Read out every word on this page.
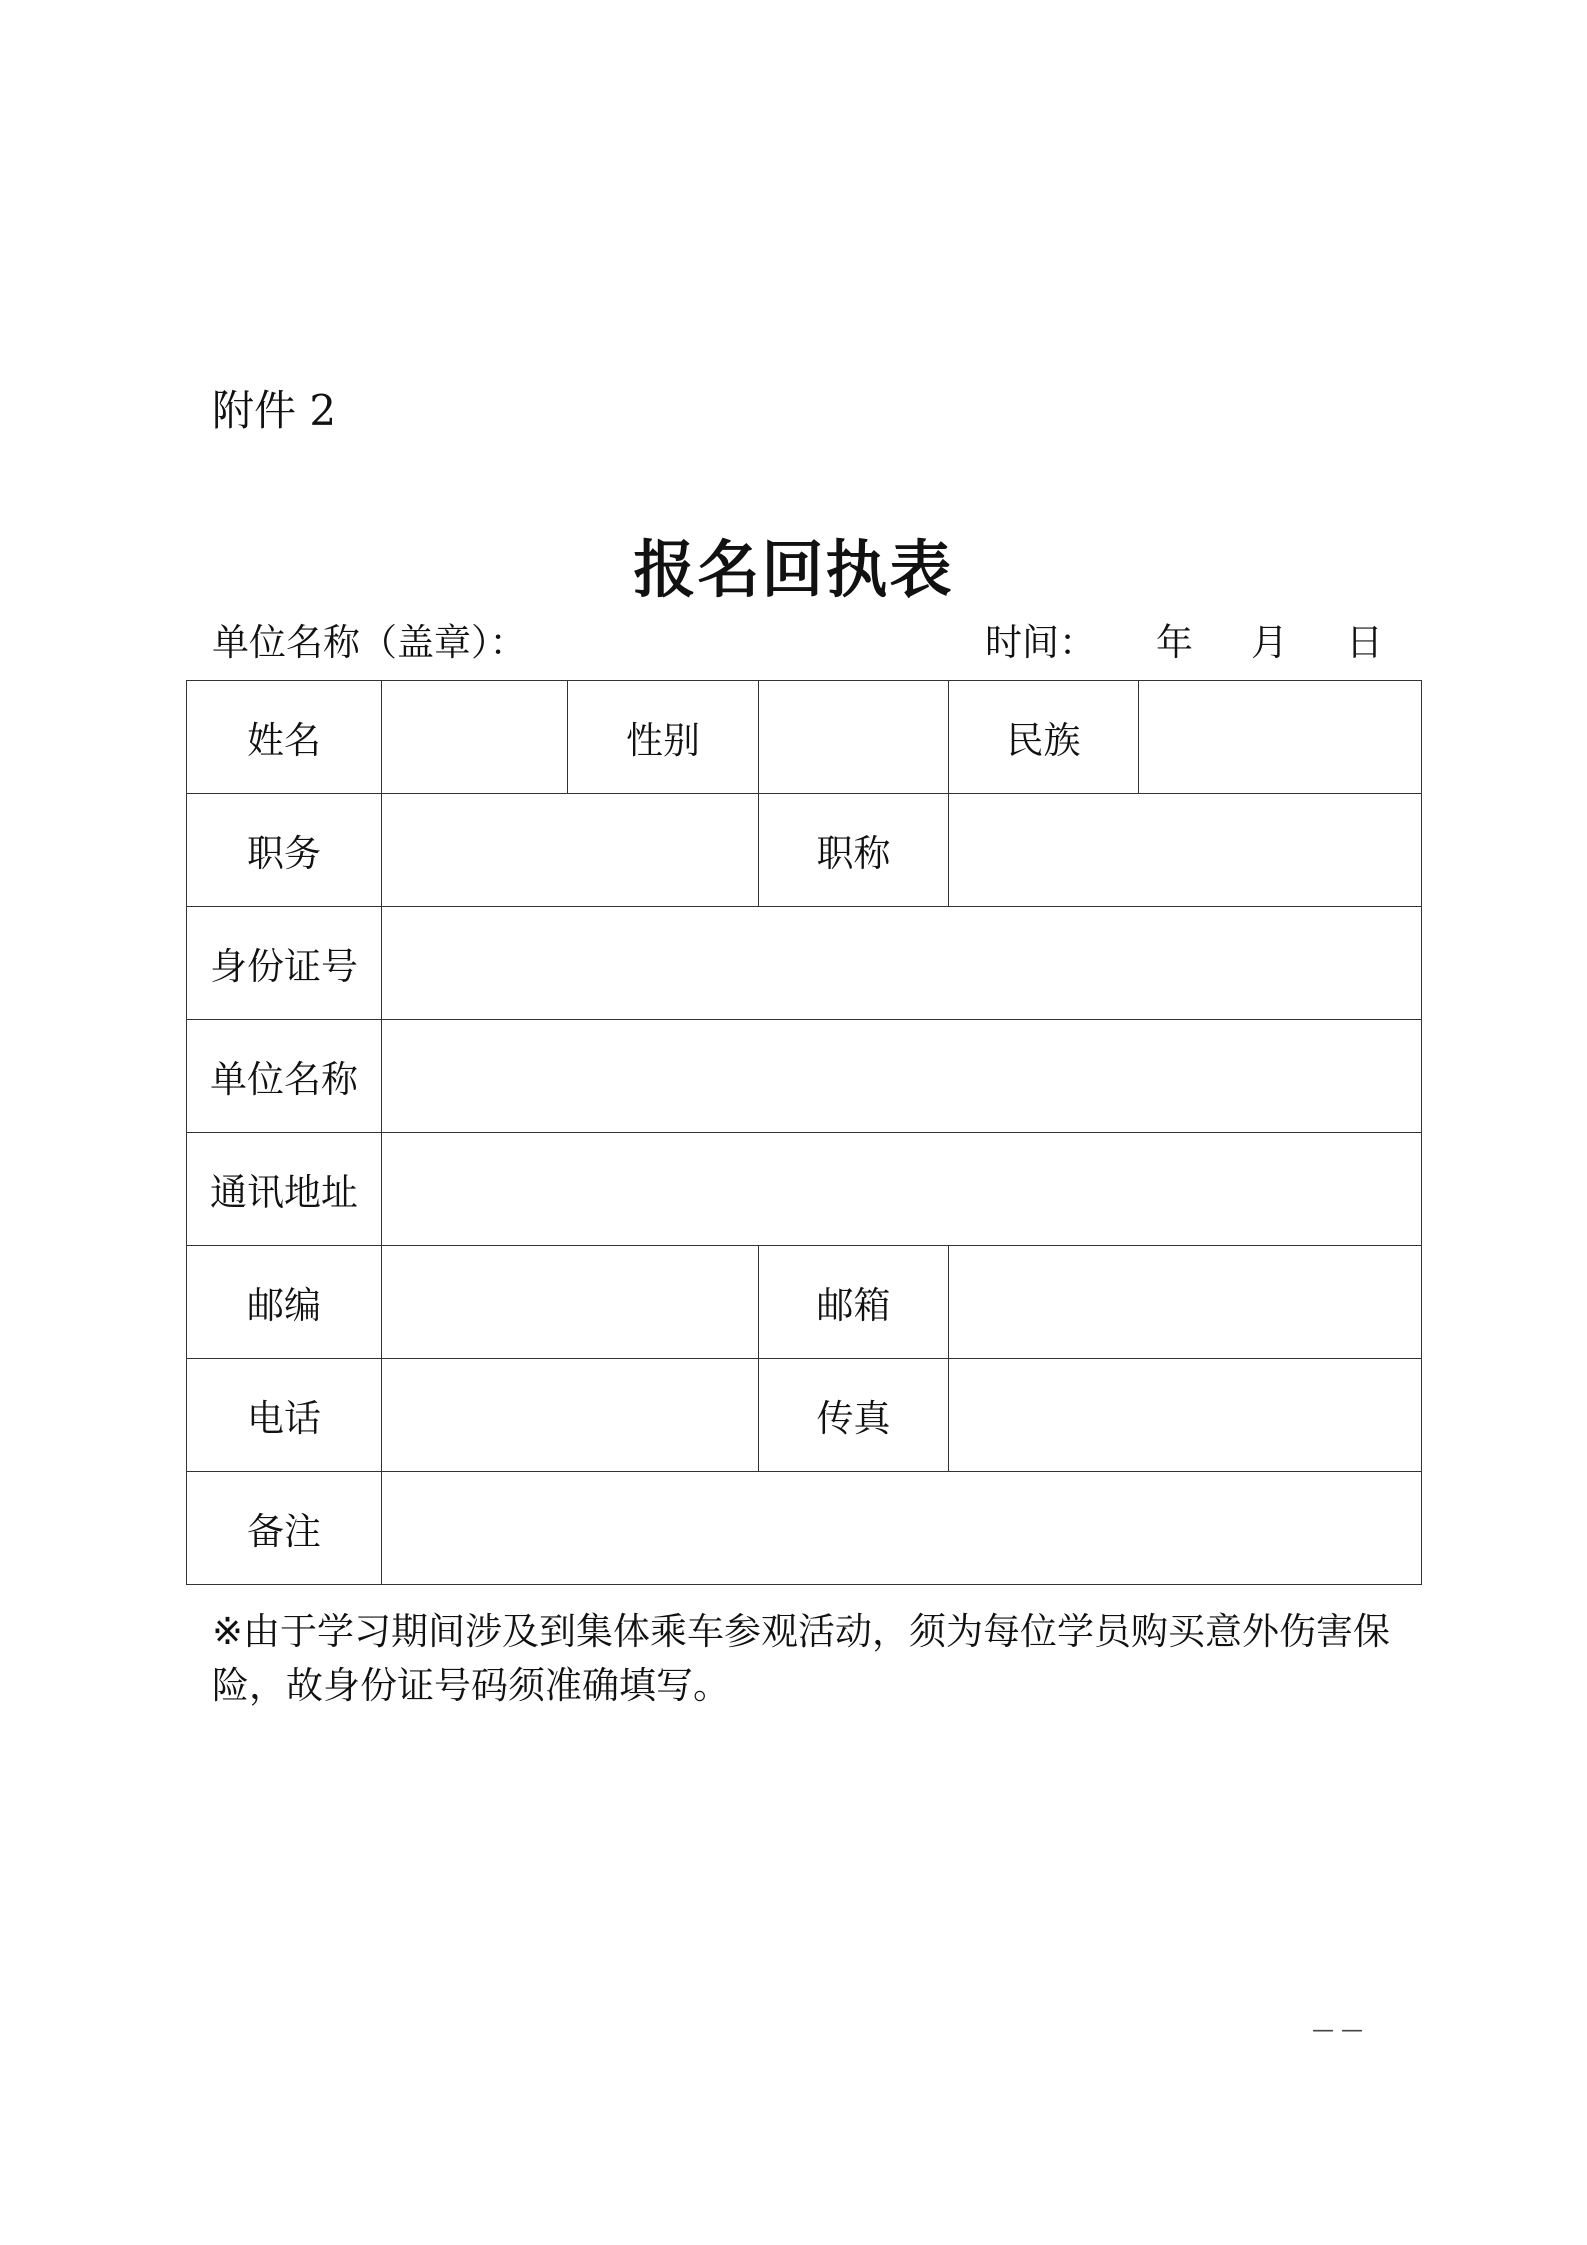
附件 2
报名回执表
单位名称（盖章）：	时间： 年 月 日
姓名		性别		民族	
职务			职称		
身份证号					
单位名称					
通讯地址					
邮编			邮箱		
电话			传真		
备注					
※由于学习期间涉及到集体乘车参观活动，须为每位学员购买意外伤害保险，故身份证号码须准确填写。
— —
